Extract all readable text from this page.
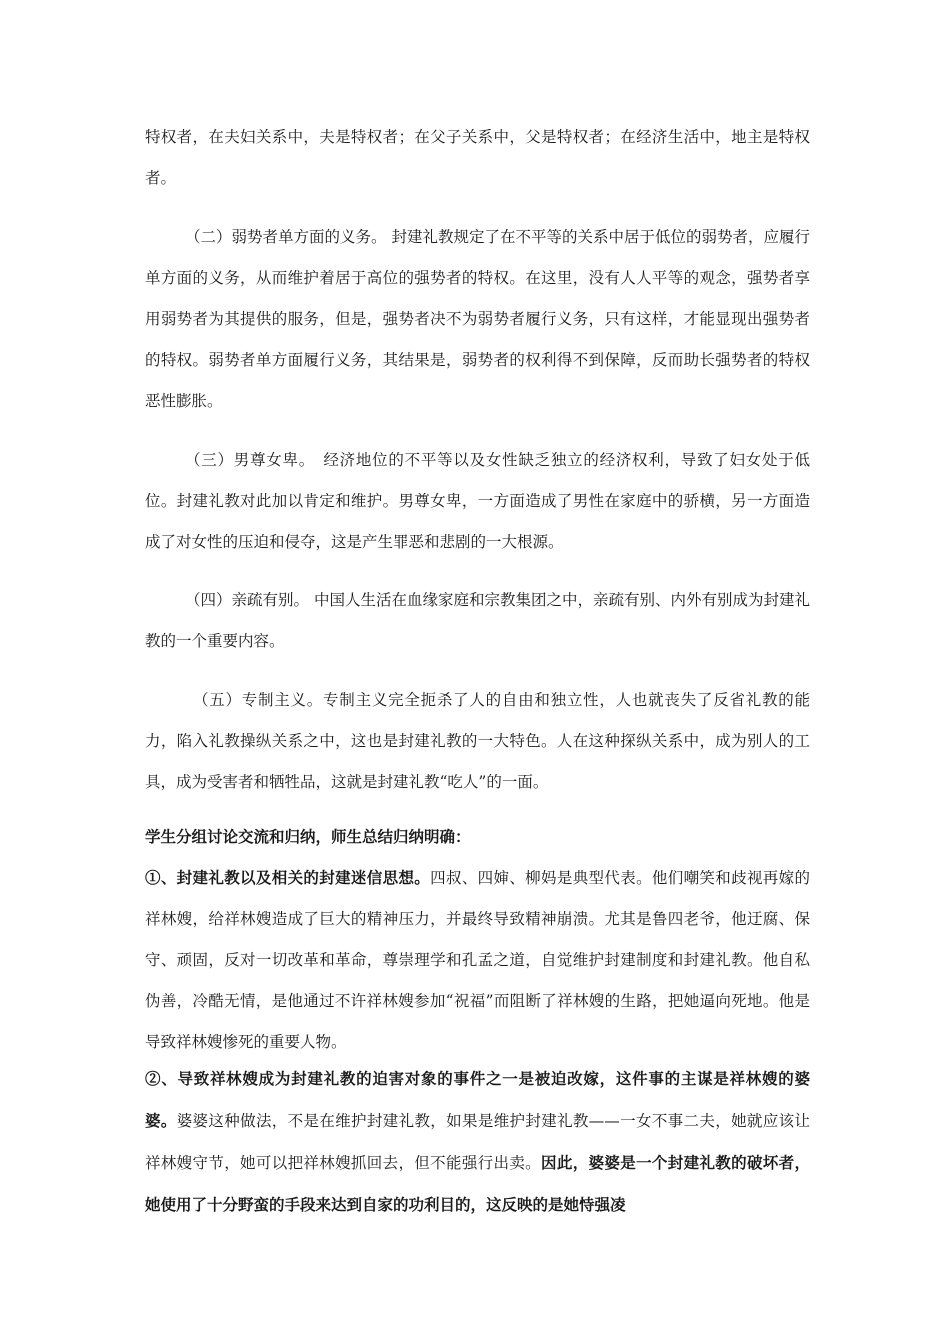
特权者，在夫妇关系中，夫是特权者；在父子关系中，父是特权者；在经济生活中，地主是特权者。

（二）弱势者单方面的义务。 封建礼教规定了在不平等的关系中居于低位的弱势者，应履行单方面的义务，从而维护着居于高位的强势者的特权。在这里，没有人人平等的观念，强势者享用弱势者为其提供的服务，但是，强势者决不为弱势者履行义务，只有这样，才能显现出强势者的特权。弱势者单方面履行义务，其结果是，弱势者的权利得不到保障，反而助长强势者的特权恶性膨胀。

（三）男尊女卑。　经济地位的不平等以及女性缺乏独立的经济权利，导致了妇女处于低位。封建礼教对此加以肯定和维护。男尊女卑，一方面造成了男性在家庭中的骄横，另一方面造成了对女性的压迫和侵夺，这是产生罪恶和悲剧的一大根源。

（四）亲疏有别。 中国人生活在血缘家庭和宗教集团之中，亲疏有别、内外有别成为封建礼教的一个重要内容。

（五）专制主义。专制主义完全扼杀了人的自由和独立性，人也就丧失了反省礼教的能力，陷入礼教操纵关系之中，这也是封建礼教的一大特色。人在这种探纵关系中，成为别人的工具，成为受害者和牺牲品，这就是封建礼教“吃人”的一面。

学生分组讨论交流和归纳，师生总结归纳明确：

①、封建礼教以及相关的封建迷信思想。四叔、四婶、柳妈是典型代表。他们嘲笑和歧视再嫁的祥林嫂，给祥林嫂造成了巨大的精神压力，并最终导致精神崩溃。尤其是鲁四老爷，他迂腐、保守、顽固，反对一切改革和革命，尊崇理学和孔孟之道，自觉维护封建制度和封建礼教。他自私伪善，冷酷无情，是他通过不许祥林嫂参加“祝福”而阻断了祥林嫂的生路，把她逼向死地。他是导致祥林嫂惨死的重要人物。

②、导致祥林嫂成为封建礼教的迫害对象的事件之一是被迫改嫁，这件事的主谋是祥林嫂的婆婆。婆婆这种做法，不是在维护封建礼教，如果是维护封建礼教——一女不事二夫，她就应该让祥林嫂守节，她可以把祥林嫂抓回去，但不能强行出卖。因此，婆婆是一个封建礼教的破坏者，她使用了十分野蛮的手段来达到自家的功利目的，这反映的是她恃强凌
